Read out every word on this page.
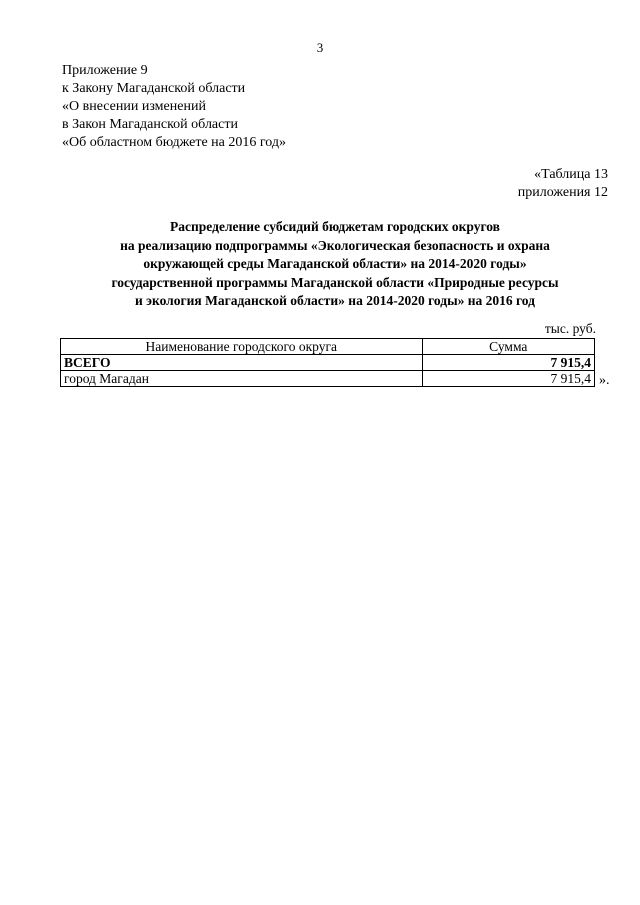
3
Приложение 9
к Закону Магаданской области
«О внесении изменений
в Закон Магаданской области
«Об областном бюджете на 2016 год»
«Таблица 13
приложения 12
Распределение субсидий бюджетам городских округов
на реализацию подпрограммы «Экологическая безопасность и охрана
окружающей среды Магаданской области» на 2014-2020 годы»
государственной программы Магаданской области «Природные ресурсы
и экология Магаданской области» на 2014-2020 годы» на 2016 год
тыс. руб.
Наименование городского округа	Сумма
ВСЕГО	7 915,4
город Магадан	7 915,4 ».
